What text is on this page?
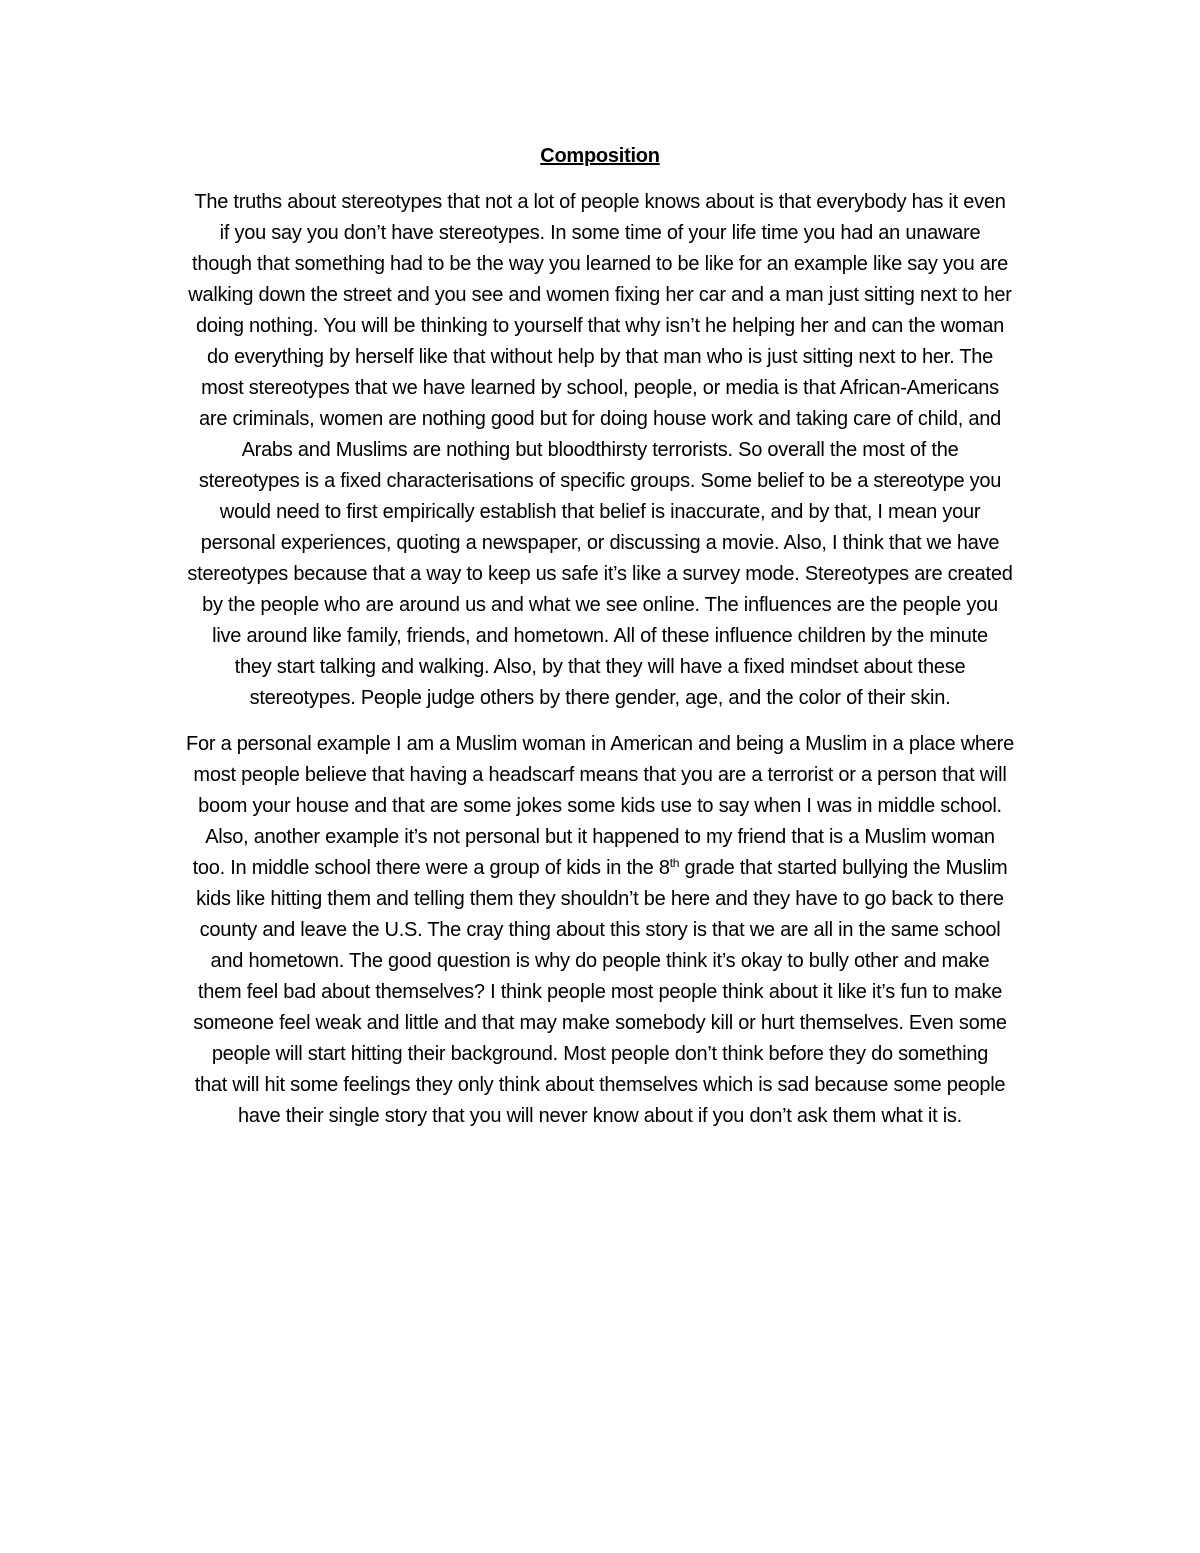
Composition

The truths about stereotypes that not a lot of people knows about is that everybody has it even
if you say you don’t have stereotypes. In some time of your life time you had an unaware
though that something had to be the way you learned to be like for an example like say you are
walking down the street and you see and women fixing her car and a man just sitting next to her
doing nothing. You will be thinking to yourself that why isn’t he helping her and can the woman
do everything by herself like that without help by that man who is just sitting next to her. The
most stereotypes that we have learned by school, people, or media is that African-Americans
are criminals, women are nothing good but for doing house work and taking care of child, and
Arabs and Muslims are nothing but bloodthirsty terrorists. So overall the most of the
stereotypes is a fixed characterisations of specific groups. Some belief to be a stereotype you
would need to first empirically establish that belief is inaccurate, and by that, I mean your
personal experiences, quoting a newspaper, or discussing a movie. Also, I think that we have
stereotypes because that a way to keep us safe it’s like a survey mode. Stereotypes are created
by the people who are around us and what we see online. The influences are the people you
live around like family, friends, and hometown. All of these influence children by the minute
they start talking and walking. Also, by that they will have a fixed mindset about these
stereotypes. People judge others by there gender, age, and the color of their skin.

For a personal example I am a Muslim woman in American and being a Muslim in a place where
most people believe that having a headscarf means that you are a terrorist or a person that will
boom your house and that are some jokes some kids use to say when I was in middle school.
Also, another example it’s not personal but it happened to my friend that is a Muslim woman
too. In middle school there were a group of kids in the 8th grade that started bullying the Muslim
kids like hitting them and telling them they shouldn’t be here and they have to go back to there
county and leave the U.S. The cray thing about this story is that we are all in the same school
and hometown. The good question is why do people think it’s okay to bully other and make
them feel bad about themselves? I think people most people think about it like it’s fun to make
someone feel weak and little and that may make somebody kill or hurt themselves. Even some
people will start hitting their background. Most people don’t think before they do something
that will hit some feelings they only think about themselves which is sad because some people
have their single story that you will never know about if you don’t ask them what it is.
